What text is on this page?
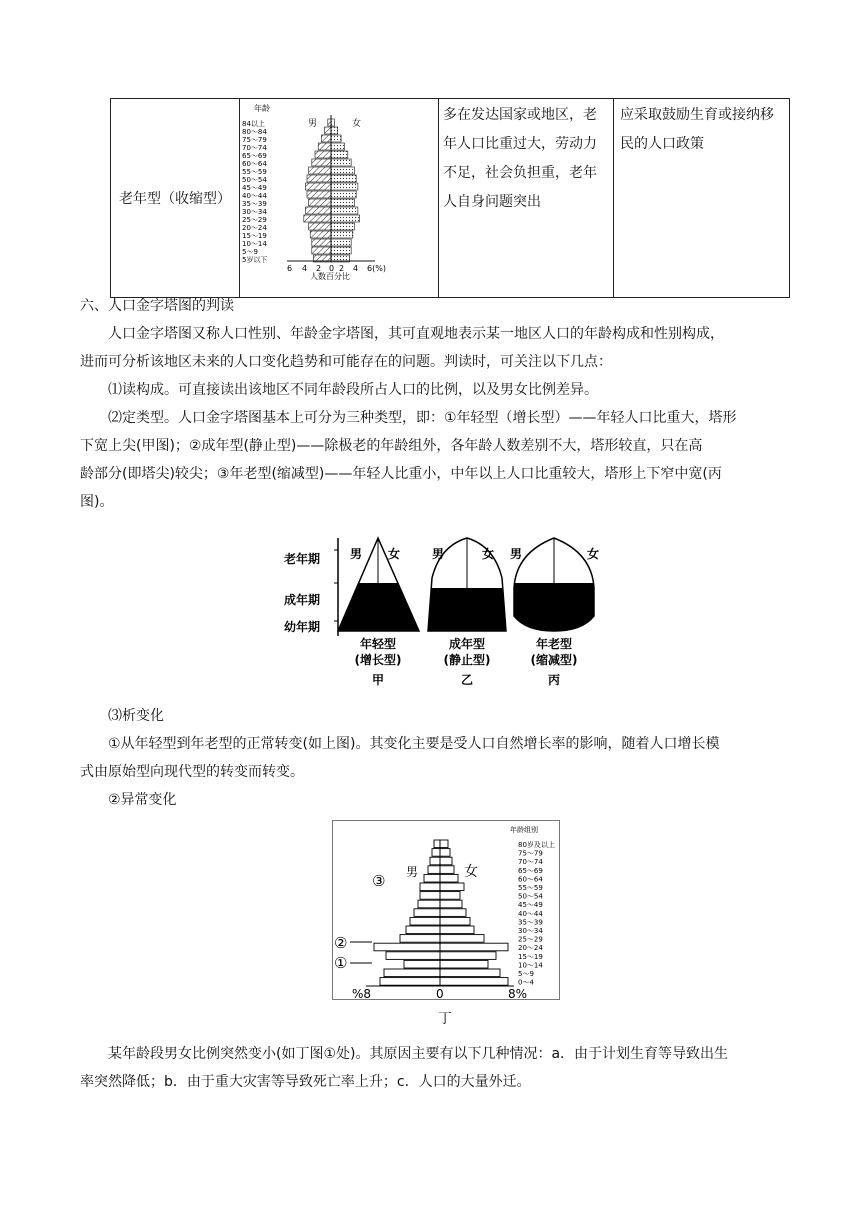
老年型（收缩型）	
年龄
男	女
84以上
80～84
75～79
70～74
65～69
60～64
55～59
50～54
45～49
40～44
35～39
30～34
25～29
20～24
15～19
10～14
5～9
5岁以下
6 4 2 0 2 4 6(%)
人数百分比
	多在发达国家或地区，老年人口比重过大，劳动力不足，社会负担重，老年人自身问题突出	应采取鼓励生育或接纳移民的人口政策
六、人口金字塔图的判读
人口金字塔图又称人口性别、年龄金字塔图，其可直观地表示某一地区人口的年龄构成和性别构成，
进而可分析该地区未来的人口变化趋势和可能存在的问题。判读时，可关注以下几点：
⑴读构成。可直接读出该地区不同年龄段所占人口的比例，以及男女比例差异。
⑵定类型。人口金字塔图基本上可分为三种类型，即：①年轻型（增长型）——年轻人口比重大，塔形
下宽上尖(甲图)；②成年型(静止型)——除极老的年龄组外，各年龄人数差别不大，塔形较直，只在高
龄部分(即塔尖)较尖；③年老型(缩减型)——年轻人比重小，中年以上人口比重较大，塔形上下窄中宽(丙
图)。
老年期
成年期
幼年期
男 女	男	女 男	女
年轻型
(增长型)
甲
成年型
(静止型)
乙
年老型
(缩减型)
丙
⑶析变化
①从年轻型到年老型的正常转变(如上图)。其变化主要是受人口自然增长率的影响，随着人口增长模
式由原始型向现代型的转变而转变。
②异常变化
年龄组别
80岁及以上
75～79
70～74
65～69
60～64
55～59
50～54
45～49
40～44
35～39
30～34
25～29
20～24
15～19
10～14
5～9
0～4
男	女
③
②
①
%8	0	8%
丁
某年龄段男女比例突然变小(如丁图①处)。其原因主要有以下几种情况：a．由于计划生育等导致出生
率突然降低；b．由于重大灾害等导致死亡率上升；c．人口的大量外迁。
